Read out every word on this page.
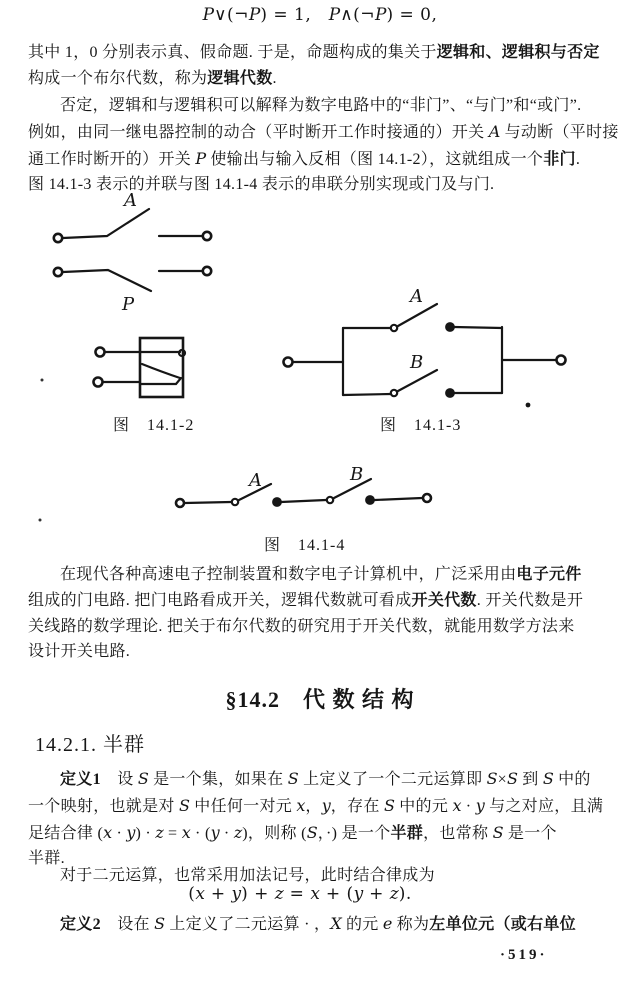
P∨(¬P) = 1,　P∧(¬P) = 0,
其中 1，0 分别表示真、假命题. 于是，命题构成的集关于逻辑和、逻辑积与否定
构成一个布尔代数，称为逻辑代数.
否定，逻辑和与逻辑积可以解释为数字电路中的“非门”、“与门”和“或门”.
例如，由同一继电器控制的动合（平时断开工作时接通的）开关 A 与动断（平时接
通工作时断开的）开关 P 使输出与输入反相（图 14.1-2），这就组成一个非门.
图 14.1-3 表示的并联与图 14.1-4 表示的串联分别实现或门及与门.
A
P	A
B
A	B
图　14.1-2	图　14.1-3
图　14.1-4
在现代各种高速电子控制装置和数字电子计算机中，广泛采用由电子元件
组成的门电路. 把门电路看成开关，逻辑代数就可看成开关代数. 开关代数是开
关线路的数学理论. 把关于布尔代数的研究用于开关代数，就能用数学方法来
设计开关电路.
§14.2　代 数 结 构
14.2.1. 半群
定义1　设 S 是一个集，如果在 S 上定义了一个二元运算即 S×S 到 S 中的
一个映射，也就是对 S 中任何一对元 x，y，存在 S 中的元 x · y 与之对应，且满
足结合律 (x · y) · z = x · (y · z)，则称 (S，·) 是一个半群，也常称 S 是一个
半群.
对于二元运算，也常采用加法记号，此时结合律成为
(x + y) + z = x + (y + z).
定义2　设在 S 上定义了二元运算 · ，X 的元 e 称为左单位元（或右单位
·519·
